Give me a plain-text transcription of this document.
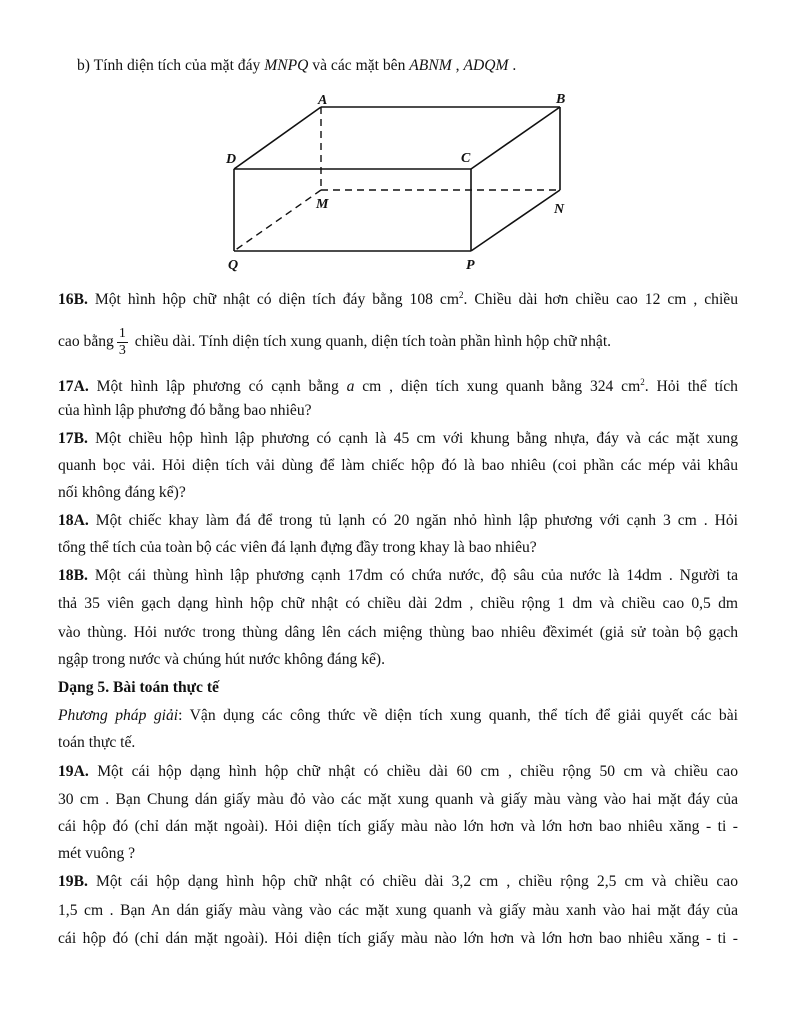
b) Tính diện tích của mặt đáy MNPQ và các mặt bên ABNM , ADQM .
A	B
C
D
M	N
P
Q
16B. Một hình hộp chữ nhật có diện tích đáy bằng 108 $cm^2$. Chiều dài hơn chiều cao 12 cm , chiều
cao bằng $\frac{1}{3}$ chiều dài. Tính diện tích xung quanh, diện tích toàn phần hình hộp chữ nhật.
17A. Một hình lập phương có cạnh bằng a cm , diện tích xung quanh bằng 324 $cm^2$. Hỏi thể tích
của hình lập phương đó bằng bao nhiêu?
17B. Một chiều hộp hình lập phương có cạnh là 45 cm với khung bằng nhựa, đáy và các mặt xung
quanh bọc vải. Hỏi diện tích vải dùng để làm chiếc hộp đó là bao nhiêu (coi phần các mép vải khâu
nối không đáng kể)?
18A. Một chiếc khay làm đá để trong tủ lạnh có 20 ngăn nhỏ hình lập phương với cạnh 3 cm . Hỏi
tổng thể tích của toàn bộ các viên đá lạnh đựng đầy trong khay là bao nhiêu?
18B. Một cái thùng hình lập phương cạnh 17dm có chứa nước, độ sâu của nước là 14dm . Người ta
thả 35 viên gạch dạng hình hộp chữ nhật có chiều dài 2dm , chiều rộng 1 dm và chiều cao 0,5 dm
vào thùng. Hỏi nước trong thùng dâng lên cách miệng thùng bao nhiêu đềximét (giả sử toàn bộ gạch
ngập trong nước và chúng hút nước không đáng kể).
Dạng 5. Bài toán thực tế
Phương pháp giải: Vận dụng các công thức về diện tích xung quanh, thể tích để giải quyết các bài
toán thực tế.
19A. Một cái hộp dạng hình hộp chữ nhật có chiều dài 60 cm , chiều rộng 50 cm và chiều cao
30 cm . Bạn Chung dán giấy màu đỏ vào các mặt xung quanh và giấy màu vàng vào hai mặt đáy của
cái hộp đó (chỉ dán mặt ngoài). Hỏi diện tích giấy màu nào lớn hơn và lớn hơn bao nhiêu xăng - ti -
mét vuông ?
19B. Một cái hộp dạng hình hộp chữ nhật có chiều dài 3,2 cm , chiều rộng 2,5 cm và chiều cao
1,5 cm . Bạn An dán giấy màu vàng vào các mặt xung quanh và giấy màu xanh vào hai mặt đáy của
cái hộp đó (chỉ dán mặt ngoài). Hỏi diện tích giấy màu nào lớn hơn và lớn hơn bao nhiêu xăng - ti -
